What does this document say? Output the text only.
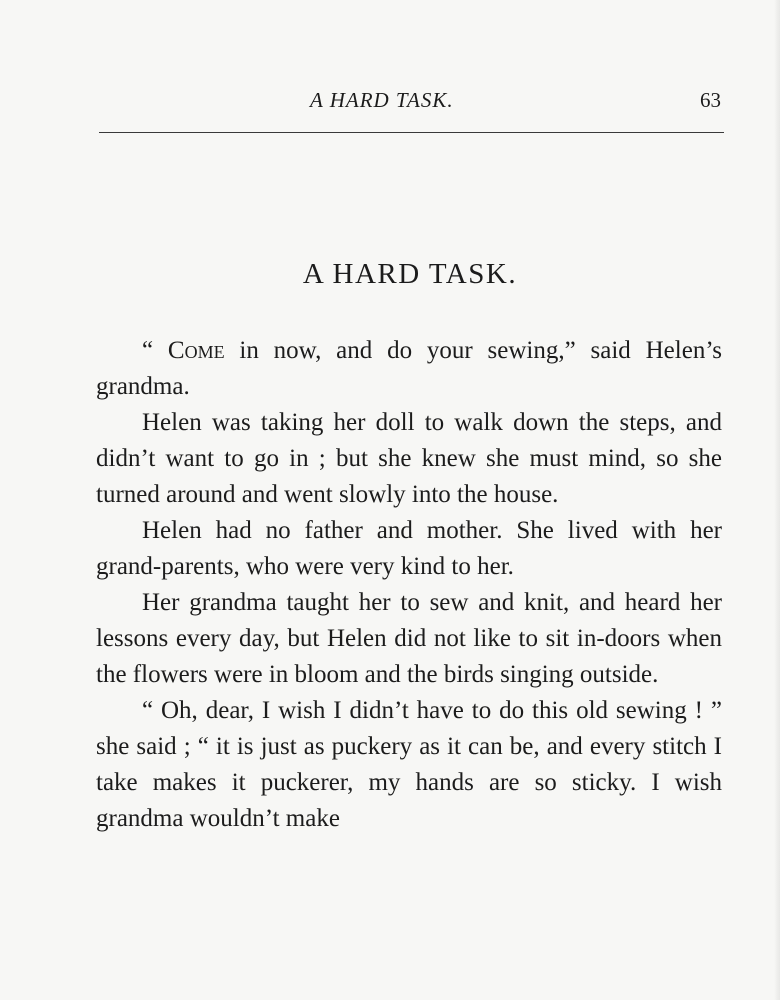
A HARD TASK.	63
A HARD TASK.

“ Come in now, and do your sewing,” said Helen’s grandma.

Helen was taking her doll to walk down the steps, and didn’t want to go in ; but she knew she must mind, so she turned around and went slowly into the house.

Helen had no father and mother. She lived with her grand-parents, who were very kind to her.

Her grandma taught her to sew and knit, and heard her lessons every day, but Helen did not like to sit in-doors when the flowers were in bloom and the birds singing outside.

“ Oh, dear, I wish I didn’t have to do this old sewing ! ” she said ; “ it is just as puckery as it can be, and every stitch I take makes it puckerer, my hands are so sticky. I wish grandma wouldn’t make
